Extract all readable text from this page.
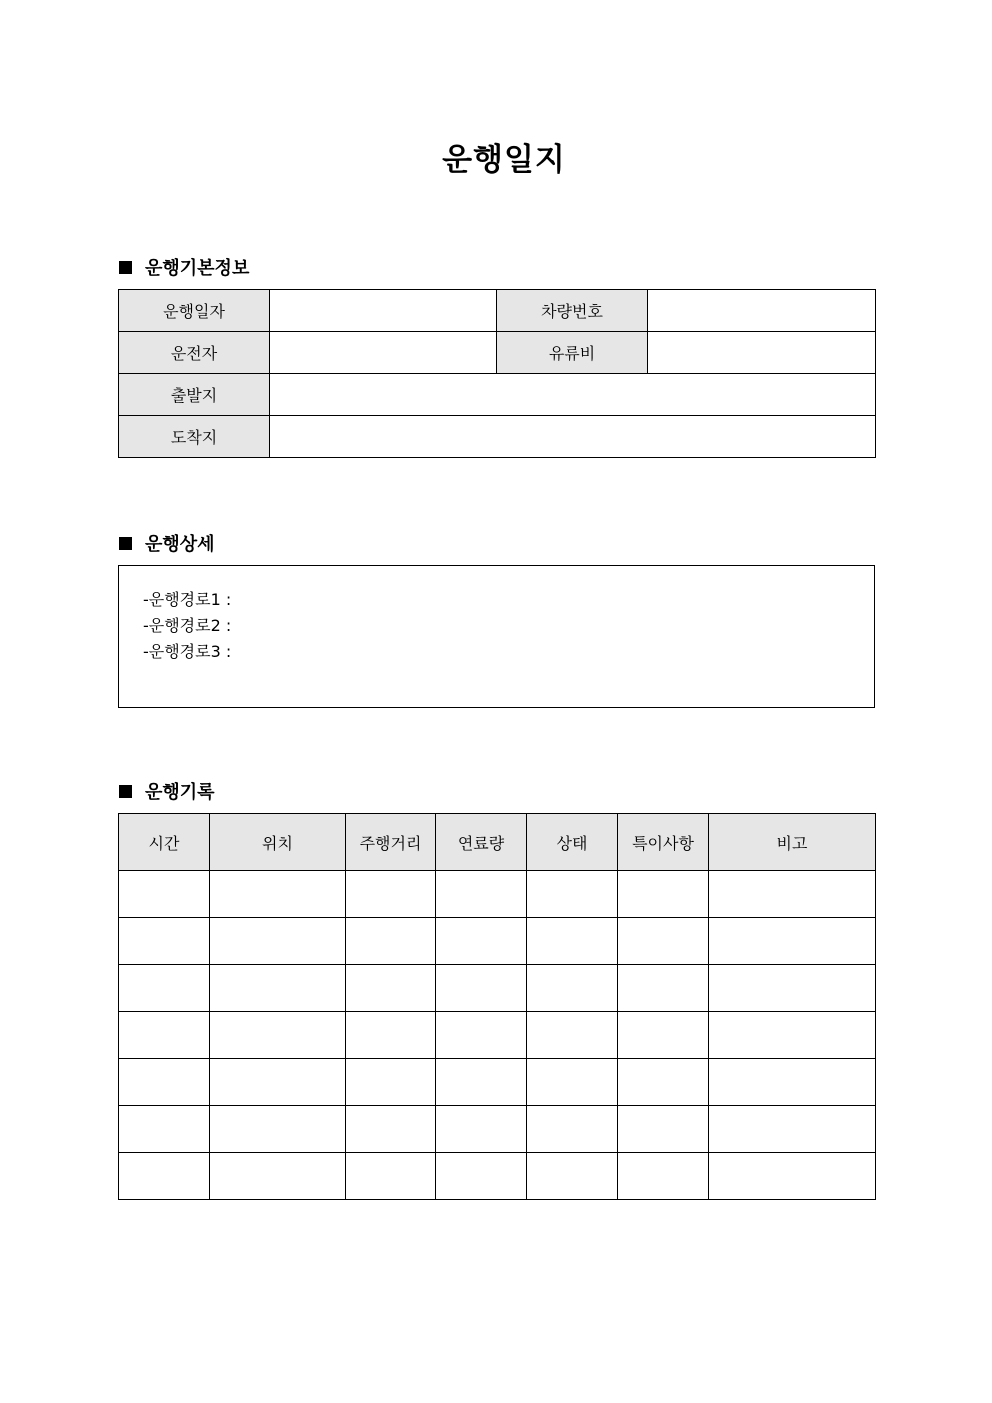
운행일지
운행기본정보
운행일자		차량번호	
운전자		유류비	
출발지			
도착지			
운행상세
-운행경로1 :
-운행경로2 :
-운행경로3 :
운행기록
시간	위치	주행거리	연료량	상태	특이사항	비고
